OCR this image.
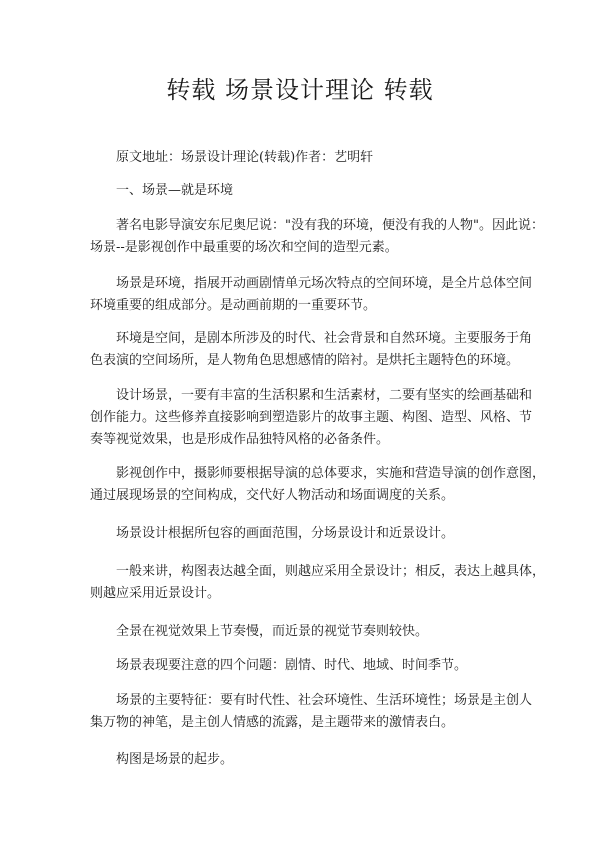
转载 场景设计理论 转载

原文地址：场景设计理论(转载)作者：艺明轩

一、场景—就是环境

著名电影导演安东尼奥尼说："没有我的环境，便没有我的人物"。因此说：
场景--是影视创作中最重要的场次和空间的造型元素。

场景是环境，指展开动画剧情单元场次特点的空间环境，是全片总体空间
环境重要的组成部分。是动画前期的一重要环节。

环境是空间，是剧本所涉及的时代、社会背景和自然环境。主要服务于角
色表演的空间场所，是人物角色思想感情的陪衬。是烘托主题特色的环境。

设计场景，一要有丰富的生活积累和生活素材，二要有坚实的绘画基础和
创作能力。这些修养直接影响到塑造影片的故事主题、构图、造型、风格、节
奏等视觉效果，也是形成作品独特风格的必备条件。

影视创作中，摄影师要根据导演的总体要求，实施和营造导演的创作意图，
通过展现场景的空间构成，交代好人物活动和场面调度的关系。

场景设计根据所包容的画面范围，分场景设计和近景设计。

一般来讲，构图表达越全面，则越应采用全景设计；相反，表达上越具体，
则越应采用近景设计。

全景在视觉效果上节奏慢，而近景的视觉节奏则较快。

场景表现要注意的四个问题：剧情、时代、地域、时间季节。

场景的主要特征：要有时代性、社会环境性、生活环境性；场景是主创人
集万物的神笔，是主创人情感的流露，是主题带来的激情表白。

构图是场景的起步。
